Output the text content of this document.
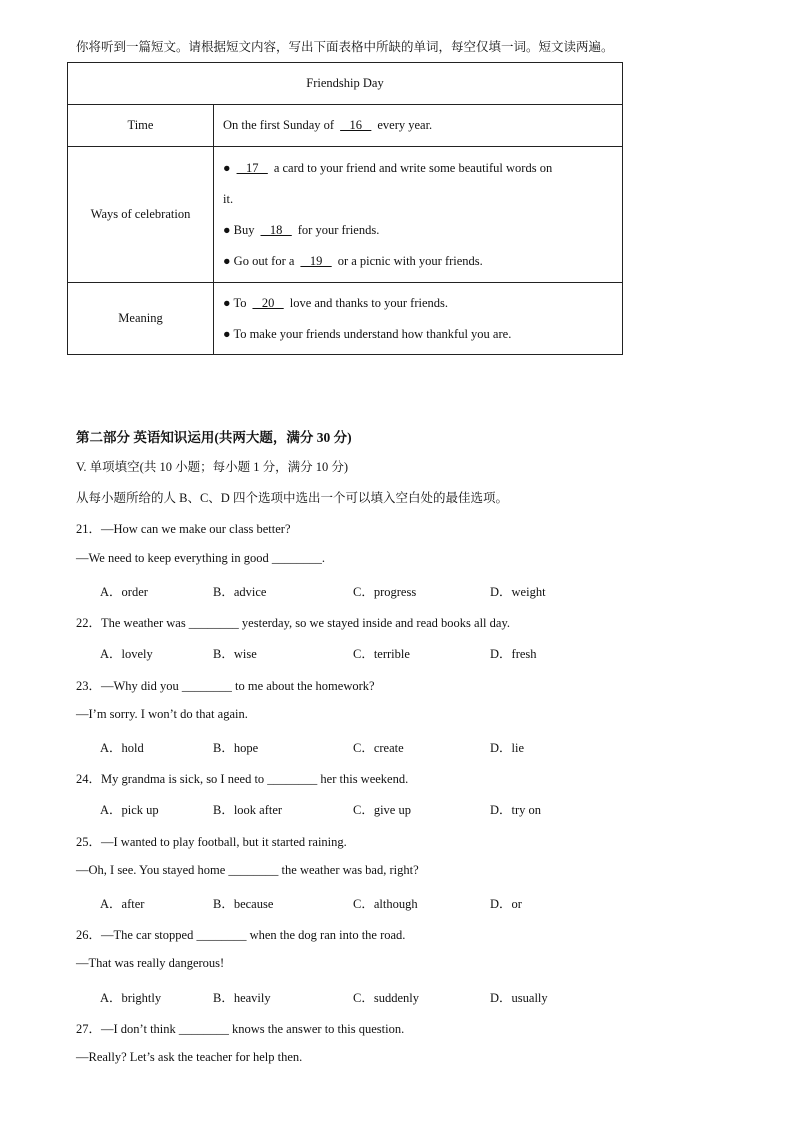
你将听到一篇短文。请根据短文内容，写出下面表格中所缺的单词，每空仅填一词。短文读两遍。
Friendship Day	
Time	On the first Sunday of   16   every year.

Ways of celebration	●   17   a card to your friend and write some beautiful words on
it.
● Buy   18   for your friends.
● Go out for a   19   or a picnic with your friends.

Meaning	● To   20   love and thanks to your friends.
● To make your friends understand how thankful you are.
第二部分 英语知识运用(共两大题，满分 30 分)
V. 单项填空(共 10 小题；每小题 1 分，满分 10 分)
从每小题所给的人 B、C、D 四个选项中选出一个可以填入空白处的最佳选项。
21．—How can we make our class better?
—We need to keep everything in good ________.
A．order	B．advice	C．progress	D．weight
22．The weather was ________ yesterday, so we stayed inside and read books all day.
A．lovely	B．wise	C．terrible	D．fresh
23．—Why did you ________ to me about the homework?
—I’m sorry. I won’t do that again.
A．hold	B．hope	C．create	D．lie
24．My grandma is sick, so I need to ________ her this weekend.
A．pick up	B．look after	C．give up	D．try on
25．—I wanted to play football, but it started raining.
—Oh, I see. You stayed home ________ the weather was bad, right?
A．after	B．because	C．although	D．or
26．—The car stopped ________ when the dog ran into the road.
—That was really dangerous!
A．brightly	B．heavily	C．suddenly	D．usually
27．—I don’t think ________ knows the answer to this question.
—Really? Let’s ask the teacher for help then.
